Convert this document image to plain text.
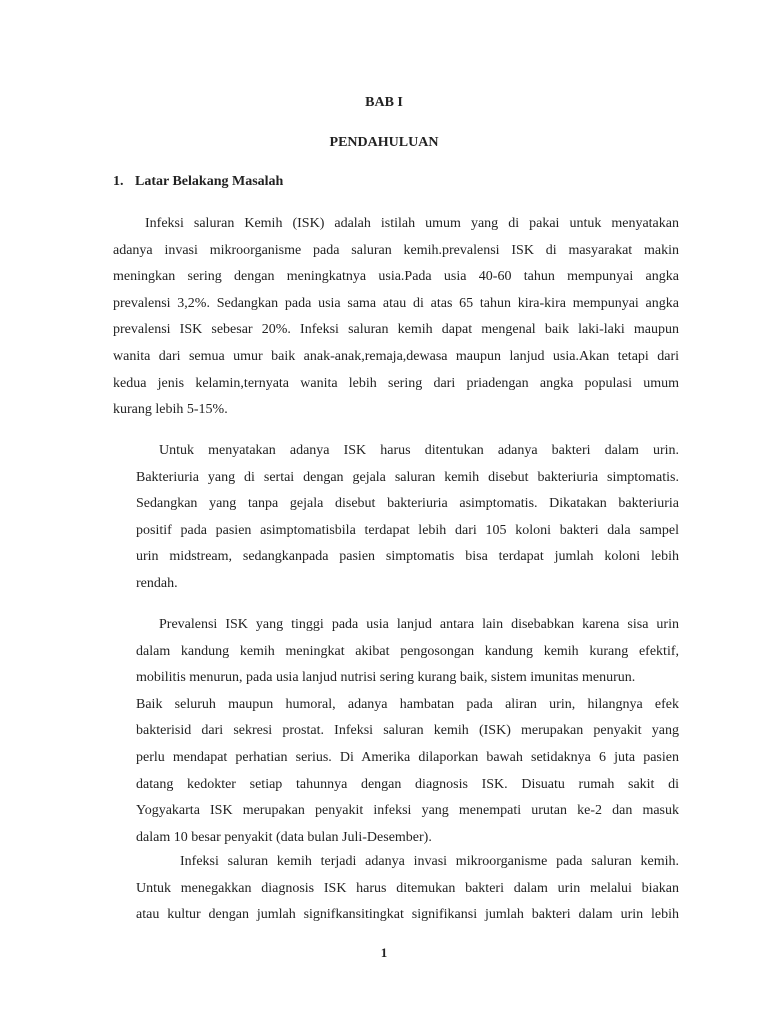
BAB I
PENDAHULUAN
1. Latar Belakang Masalah

Infeksi saluran Kemih (ISK) adalah istilah umum yang di pakai untuk menyatakan
adanya invasi mikroorganisme pada saluran kemih.prevalensi ISK di masyarakat makin
meningkan sering dengan meningkatnya usia.Pada usia 40-60 tahun mempunyai angka
prevalensi 3,2%. Sedangkan pada usia sama atau di atas 65 tahun kira-kira mempunyai angka
prevalensi ISK sebesar 20%. Infeksi saluran kemih dapat mengenal baik laki-laki maupun
wanita dari semua umur baik anak-anak,remaja,dewasa maupun lanjud usia.Akan tetapi dari
kedua jenis kelamin,ternyata wanita lebih sering dari priadengan angka populasi umum
kurang lebih 5-15%.

Untuk menyatakan adanya ISK harus ditentukan adanya bakteri dalam urin.
Bakteriuria yang di sertai dengan gejala saluran kemih disebut bakteriuria simptomatis.
Sedangkan yang tanpa gejala disebut bakteriuria asimptomatis. Dikatakan bakteriuria
positif pada pasien asimptomatisbila terdapat lebih dari 105 koloni bakteri dala sampel
urin midstream, sedangkanpada pasien simptomatis bisa terdapat jumlah koloni lebih
rendah.

Prevalensi ISK yang tinggi pada usia lanjud antara lain disebabkan karena sisa urin
dalam kandung kemih meningkat akibat pengosongan kandung kemih kurang efektif,
mobilitis menurun, pada usia lanjud nutrisi sering kurang baik, sistem imunitas menurun.
Baik seluruh maupun humoral, adanya hambatan pada aliran urin, hilangnya efek
bakterisid dari sekresi prostat. Infeksi saluran kemih (ISK) merupakan penyakit yang
perlu mendapat perhatian serius. Di Amerika dilaporkan bawah setidaknya 6 juta pasien
datang kedokter setiap tahunnya dengan diagnosis ISK. Disuatu rumah sakit di
Yogyakarta ISK merupakan penyakit infeksi yang menempati urutan ke-2 dan masuk
dalam 10 besar penyakit (data bulan Juli-Desember).

Infeksi saluran kemih terjadi adanya invasi mikroorganisme pada saluran kemih.
Untuk menegakkan diagnosis ISK harus ditemukan bakteri dalam urin melalui biakan
atau kultur dengan jumlah signifkansitingkat signifikansi jumlah bakteri dalam urin lebih

1
